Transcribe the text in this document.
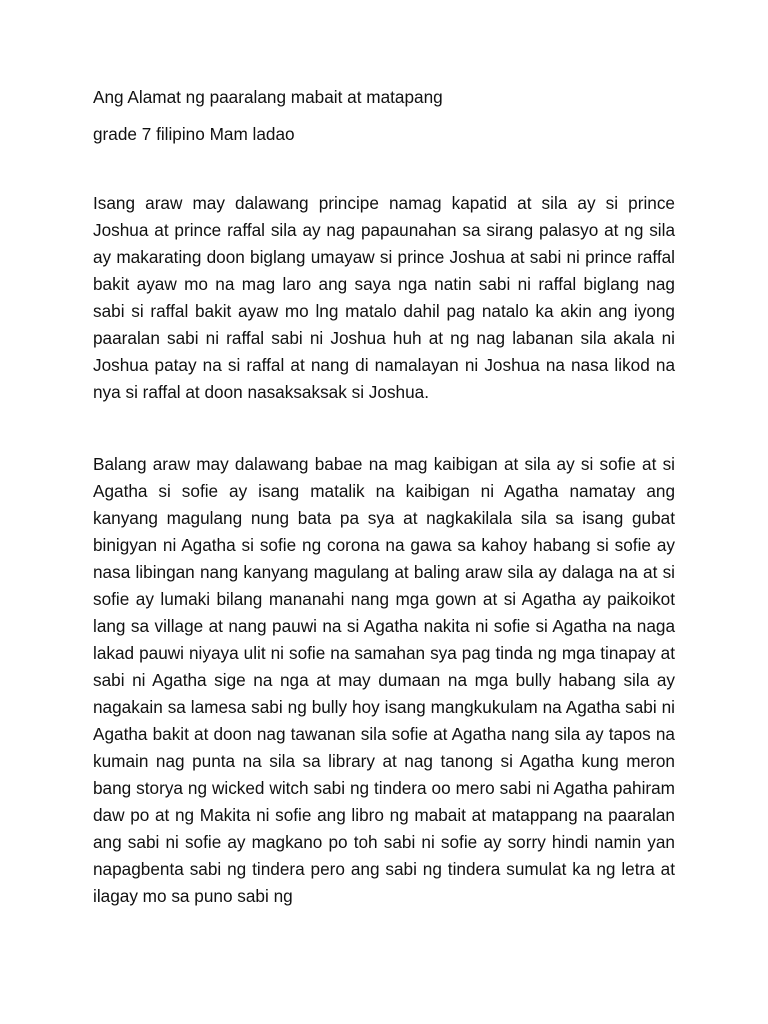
Ang Alamat ng paaralang mabait at matapang

grade 7 filipino Mam ladao

Isang araw may dalawang principe namag kapatid at sila ay si prince Joshua at prince raffal sila ay nag papaunahan sa sirang palasyo at ng sila ay makarating doon biglang umayaw si prince Joshua at sabi ni prince raffal bakit ayaw mo na mag laro ang saya nga natin sabi ni raffal biglang nag sabi si raffal bakit ayaw mo lng matalo dahil pag natalo ka akin ang iyong paaralan sabi ni raffal sabi ni Joshua huh at ng nag labanan sila akala ni Joshua patay na si raffal at nang di namalayan ni Joshua na nasa likod na nya si raffal at doon nasaksaksak si Joshua.

Balang araw may dalawang babae na mag kaibigan at sila ay si sofie at si Agatha si sofie ay isang matalik na kaibigan ni Agatha namatay ang kanyang magulang nung bata pa sya at nagkakilala sila sa isang gubat binigyan ni Agatha si sofie ng corona na gawa sa kahoy habang si sofie ay nasa libingan nang kanyang magulang at baling araw sila ay dalaga na at si sofie ay lumaki bilang mananahi nang mga gown at si Agatha ay paikoikot lang sa village at nang pauwi na si Agatha nakita ni sofie si Agatha na naga lakad pauwi niyaya ulit ni sofie na samahan sya pag tinda ng mga tinapay at sabi ni Agatha sige na nga at may dumaan na mga bully habang sila ay nagakain sa lamesa sabi ng bully hoy isang mangkukulam na Agatha sabi ni Agatha bakit at doon nag tawanan sila sofie at Agatha nang sila ay tapos na kumain nag punta na sila sa library at nag tanong si Agatha kung meron bang storya ng wicked witch sabi ng tindera oo mero sabi ni Agatha pahiram daw po at ng Makita ni sofie ang libro ng mabait at matappang na paaralan ang sabi ni sofie ay magkano po toh sabi ni sofie ay sorry hindi namin yan napagbenta sabi ng tindera pero ang sabi ng tindera sumulat ka ng letra at ilagay mo sa puno sabi ng
